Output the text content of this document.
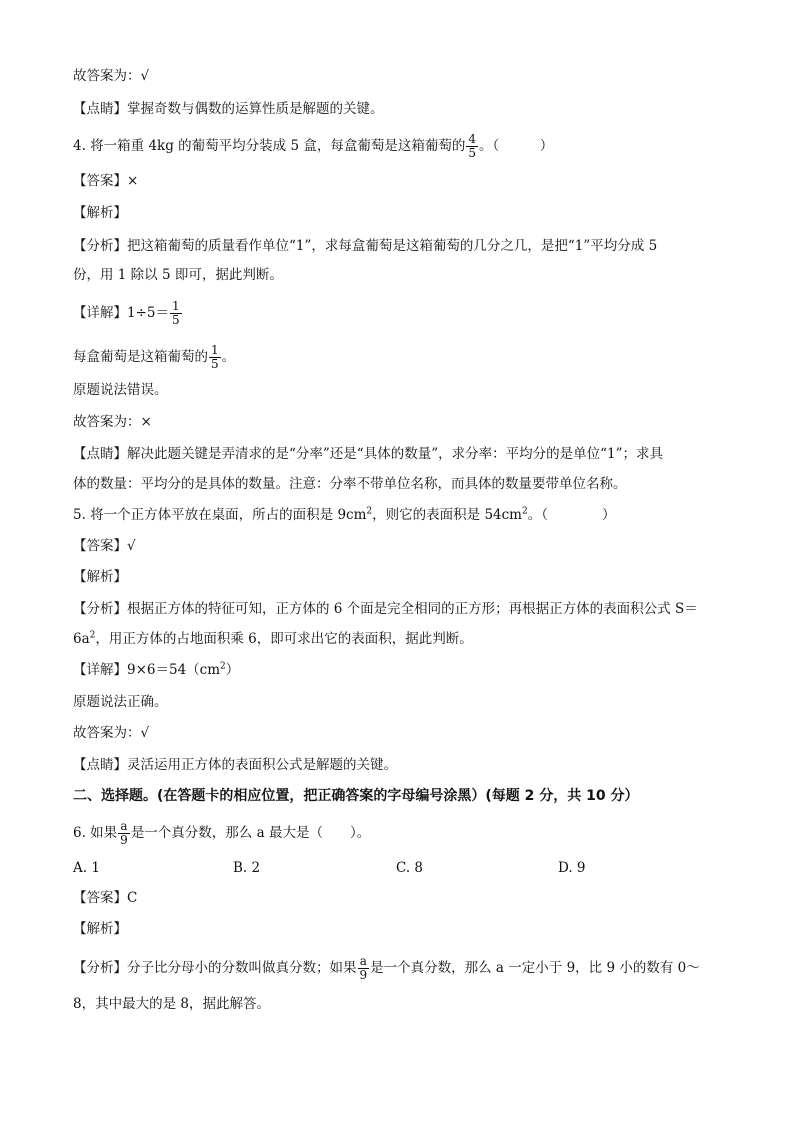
故答案为：√
【点睛】掌握奇数与偶数的运算性质是解题的关键。
4. 将一箱重 4kg 的葡萄平均分装成 5 盒，每盒葡萄是这箱葡萄的 $\frac{4}{5}$ 。（　　　）
【答案】×
【解析】
【分析】把这箱葡萄的质量看作单位“1”，求每盒葡萄是这箱葡萄的几分之几，是把“1”平均分成 5
份，用 1 除以 5 即可，据此判断。
【详解】$1\div 5= \frac{1}{5}$
每盒葡萄是这箱葡萄的 $\frac{1}{5}$ 。
原题说法错误。
故答案为：×
【点睛】解决此题关键是弄清求的是“分率”还是“具体的数量”，求分率：平均分的是单位“1”；求具
体的数量：平均分的是具体的数量。注意：分率不带单位名称，而具体的数量要带单位名称。
5. 将一个正方体平放在桌面，所占的面积是 $9cm^2$，则它的表面积是 $54cm^2$。（　　　　）
【答案】√
【解析】
【分析】根据正方体的特征可知，正方体的 6 个面是完全相同的正方形；再根据正方体的表面积公式 S＝
$6a^2$，用正方体的占地面积乘 6，即可求出它的表面积，据此判断。
【详解】$9\times 6=54(cm^2)$
原题说法正确。
故答案为：√
【点睛】灵活运用正方体的表面积公式是解题的关键。
二、选择题。(在答题卡的相应位置，把正确答案的字母编号涂黑）(每题 2 分，共 10 分）
6. 如果 $\frac{a}{9}$ 是一个真分数，那么 a 最大是（　　）。
A. 1	B. 2	C. 8	D. 9
【答案】C
【解析】
【分析】分子比分母小的分数叫做真分数；如果 $\frac{a}{9}$ 是一个真分数，那么 a 一定小于 9，比 9 小的数有 0～
8，其中最大的是 8，据此解答。
